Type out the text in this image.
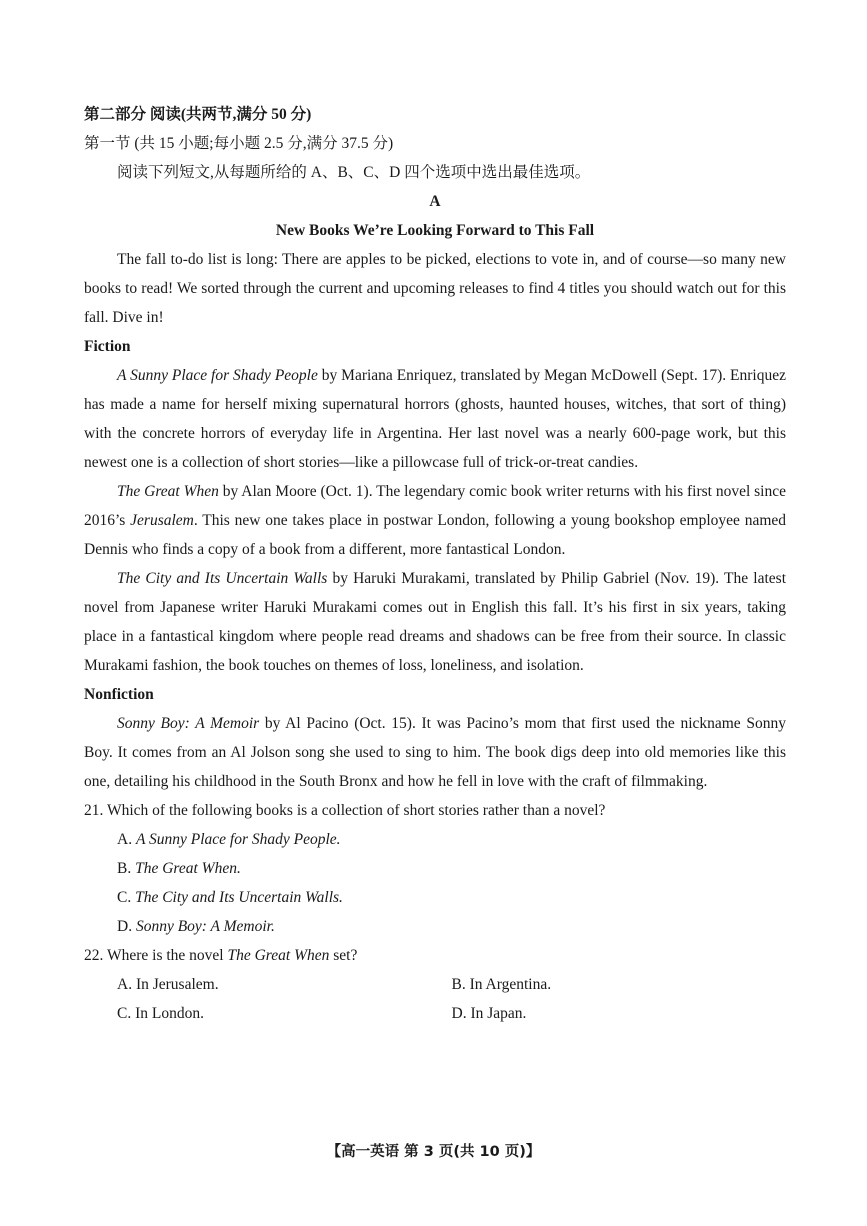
第二部分 阅读(共两节,满分 50 分)

第一节 (共 15 小题;每小题 2.5 分,满分 37.5 分)

阅读下列短文,从每题所给的 A、B、C、D 四个选项中选出最佳选项。

A

New Books We’re Looking Forward to This Fall

The fall to-do list is long: There are apples to be picked, elections to vote in, and of course—so many new books to read! We sorted through the current and upcoming releases to find 4 titles you should watch out for this fall. Dive in!

Fiction

A Sunny Place for Shady People by Mariana Enriquez, translated by Megan McDowell (Sept. 17). Enriquez has made a name for herself mixing supernatural horrors (ghosts, haunted houses, witches, that sort of thing) with the concrete horrors of everyday life in Argentina. Her last novel was a nearly 600-page work, but this newest one is a collection of short stories—like a pillowcase full of trick-or-treat candies.

The Great When by Alan Moore (Oct. 1). The legendary comic book writer returns with his first novel since 2016’s Jerusalem. This new one takes place in postwar London, following a young bookshop employee named Dennis who finds a copy of a book from a different, more fantastical London.

The City and Its Uncertain Walls by Haruki Murakami, translated by Philip Gabriel (Nov. 19). The latest novel from Japanese writer Haruki Murakami comes out in English this fall. It’s his first in six years, taking place in a fantastical kingdom where people read dreams and shadows can be free from their source. In classic Murakami fashion, the book touches on themes of loss, loneliness, and isolation.

Nonfiction

Sonny Boy: A Memoir by Al Pacino (Oct. 15). It was Pacino’s mom that first used the nickname Sonny Boy. It comes from an Al Jolson song she used to sing to him. The book digs deep into old memories like this one, detailing his childhood in the South Bronx and how he fell in love with the craft of filmmaking.

21. Which of the following books is a collection of short stories rather than a novel?

A. A Sunny Place for Shady People.

B. The Great When.

C. The City and Its Uncertain Walls.

D. Sonny Boy: A Memoir.

22. Where is the novel The Great When set?

A. In Jerusalem.	B. In Argentina.
C. In London.	D. In Japan.
【高一英语 第 3 页(共 10 页)】
